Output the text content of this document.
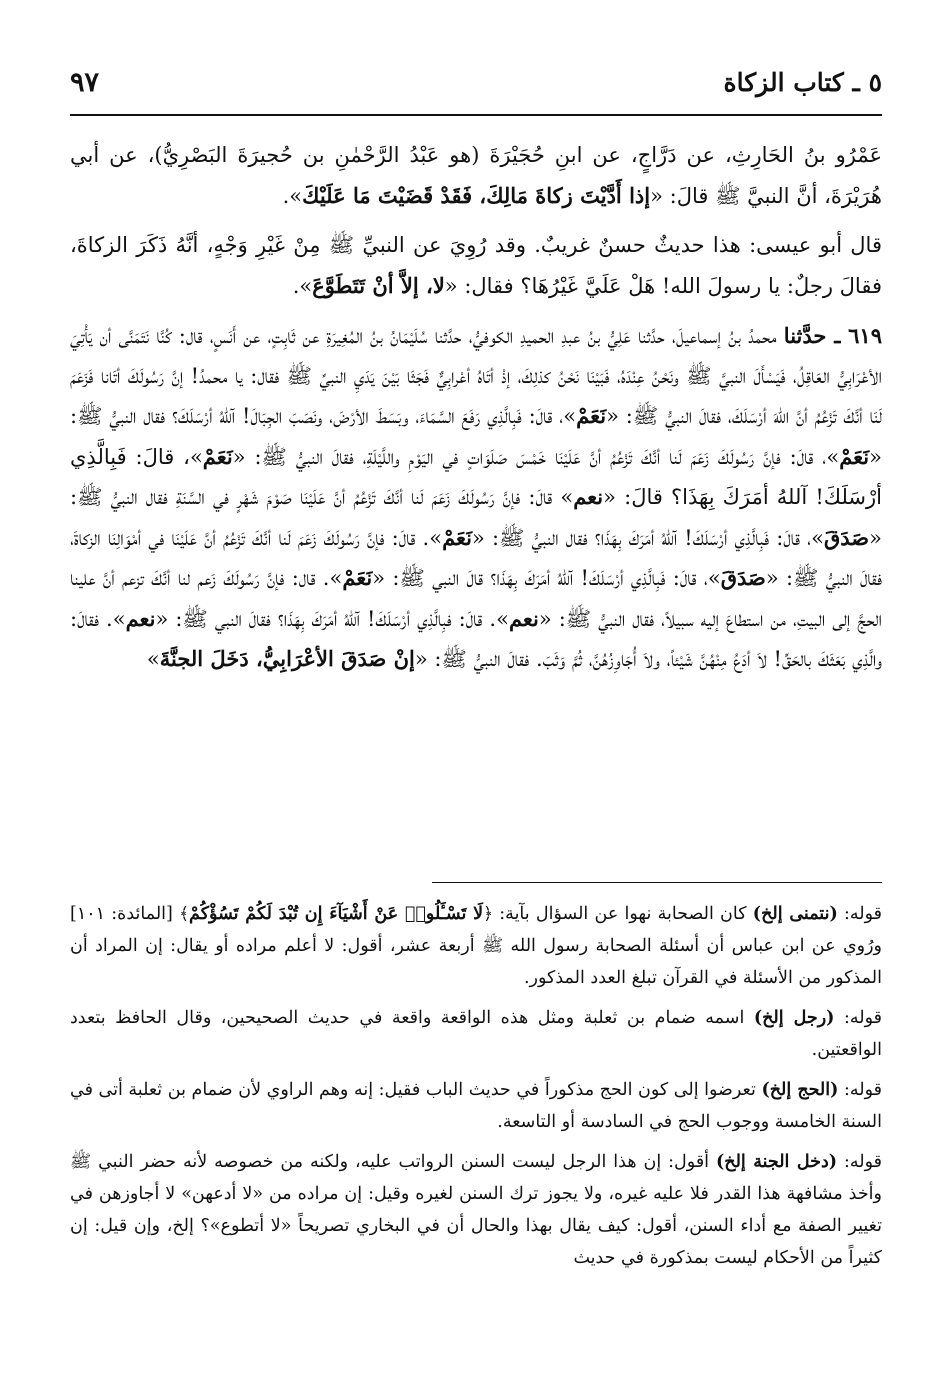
٥ ـ كتاب الزكاة
٩٧

عَمْرُو بنُ الحَارِثِ، عن دَرَّاجٍ، عن ابنِ حُجَيْرَةَ (هو عَبْدُ الرَّحْمٰنِ بن حُجيرَةَ البَصْرِيُّ)، عن أبي هُرَيْرَةَ، أنَّ النبيَّ ﷺ قالَ: «إذا أَدَّيْتَ زكاةَ مَالِكَ، فَقَدْ قَضَيْتَ مَا عَلَيْكَ».

قال أبو عيسى: هذا حديثٌ حسنٌ غريبٌ. وقد رُوِيَ عن النبيِّ ﷺ مِنْ غَيْرِ وَجْهٍ، أنَّهُ ذَكَرَ الزكاةَ، فقالَ رجلٌ: يا رسولَ الله! هَلْ عَلَيَّ غَيْرُهَا؟ فقال: «لا، إلاَّ أنْ تَتَطَوَّعَ».

٦١٩ ـ حدَّثنا محمدُ بنُ إسماعيلَ، حدَّثنا عَلِيُّ بنُ عبدِ الحميدِ الكوفيُّ، حدَّثنا سُلَيْمَانُ بنُ المُغِيرَةِ عن ثَابِتٍ، عن أَنَسٍ، قال: كُنَّا نَتَمَنَّى أن يَأْتِيَ الأعْرَابِيُّ العَاقِلُ، فَيَسْأَلَ النبيَّ ﷺ ونَحْنُ عِنْدَهُ، فَبَيْنَا نَحْنُ كذلِكَ، إذْ أتَاهُ أعْرابِيٌّ فَجَثَا بَيْنَ يَدَيِ النبيِّ ﷺ فقال: يا محمدُ! إنَّ رَسُولَكَ أتَانا فَزَعَمَ لَنَا أنَّكَ تَزْعُمُ أنَّ اللهَ أرْسَلَكَ، فقالَ النبيُّ ﷺ: «نَعَمْ»، قالَ: فَبِالَّذِي رَفَعَ السَّمَاءَ، وبَسَطَ الأرْضَ، ونَصَبَ الجِبَالَ! آللهُ أرْسَلَكَ؟ فقال النبيُّ ﷺ: «نَعَمْ»، قالَ: فإنَّ رَسُولَكَ زَعَمَ لَنا أنَّكَ تَزْعُمُ أنَّ عَلَيْنَا خَمْسَ صَلَوَاتٍ في اليَوْمِ واللَّيْلَةِ، فقالَ النبيُّ ﷺ: «نَعَمْ»، قالَ: فَبِالَّذِي أرْسَلَكَ! آللهُ أمَرَكَ بِهَذَا؟ قالَ: «نعم» قالَ: فإنَّ رَسُولَكَ زَعَمَ لَنا أنَّكَ تَزْعُمُ أنَّ عَلَيْنَا صَوْمَ شَهْرٍ في السَّنَةِ فقال النبيُّ ﷺ: «صَدَقَ»، قالَ: فَبِالَّذِي أرْسَلَكَ! آللهُ أمَرَكَ بِهَذَا؟ فقال النبيُّ ﷺ: «نَعَمْ». قالَ: فإنَّ رَسُولَكَ زَعَمَ لَنا أنَّكَ تَزْعُمُ أنَّ عَلَيْنَا في أمْوَالِنَا الزكاةَ، فقالَ النبيُّ ﷺ: «صَدَقَ»، قالَ: فَبِالَّذِي أرْسَلَكَ! آللهُ أمَرَكَ بِهَذَا؟ قالَ النبي ﷺ: «نَعَمْ». قال: فإنَّ رَسُولَكَ زَعم لنا أنَّكَ تزعم أنَّ علينا الحجَّ إلى البيتِ، من استطاعَ إليه سبيلاً، فقال النبيُّ ﷺ: «نعم». قالَ: فبِالَّذِي أرْسَلَكَ! آللهُ أمَرَكَ بِهَذَا؟ فقالَ النبي ﷺ: «نعم». فقالَ: والَّذِي بَعَثَكَ بالحَقِّ! لاَ أدَعُ مِنْهُنَّ شَيْئاً، ولاَ أُجَاوِزُهُنَّ، ثُمَّ وَثَبَ. فقالَ النبيُّ ﷺ: «إنْ صَدَقَ الأعْرَابِيُّ، دَخَلَ الجنَّةَ»

قوله: (نتمنى إلخ) كان الصحابة نهوا عن السؤال بآية: ﴿لَا تَسْـَٔلُوا۟ عَنْ أَشْيَآءَ إِن تُبْدَ لَكُمْ تَسُؤْكُمْ﴾ [المائدة: ١٠١] ورُوي عن ابن عباس أن أسئلة الصحابة رسول الله ﷺ أربعة عشر، أقول: لا أعلم مراده أو يقال: إن المراد أن المذكور من الأسئلة في القرآن تبلغ العدد المذكور.

قوله: (رجل إلخ) اسمه ضمام بن ثعلبة ومثل هذه الواقعة واقعة في حديث الصحيحين، وقال الحافظ بتعدد الواقعتين.

قوله: (الحج إلخ) تعرضوا إلى كون الحج مذكوراً في حديث الباب فقيل: إنه وهم الراوي لأن ضمام بن ثعلبة أتى في السنة الخامسة ووجوب الحج في السادسة أو التاسعة.

قوله: (دخل الجنة إلخ) أقول: إن هذا الرجل ليست السنن الرواتب عليه، ولكنه من خصوصه لأنه حضر النبي ﷺ وأخذ مشافهة هذا القدر فلا عليه غيره، ولا يجوز ترك السنن لغيره وقيل: إن مراده من «لا أدعهن» لا أجاوزهن في تغيير الصفة مع أداء السنن، أقول: كيف يقال بهذا والحال أن في البخاري تصريحاً «لا أتطوع»؟ إلخ، وإن قيل: إن كثيراً من الأحكام ليست بمذكورة في حديث
